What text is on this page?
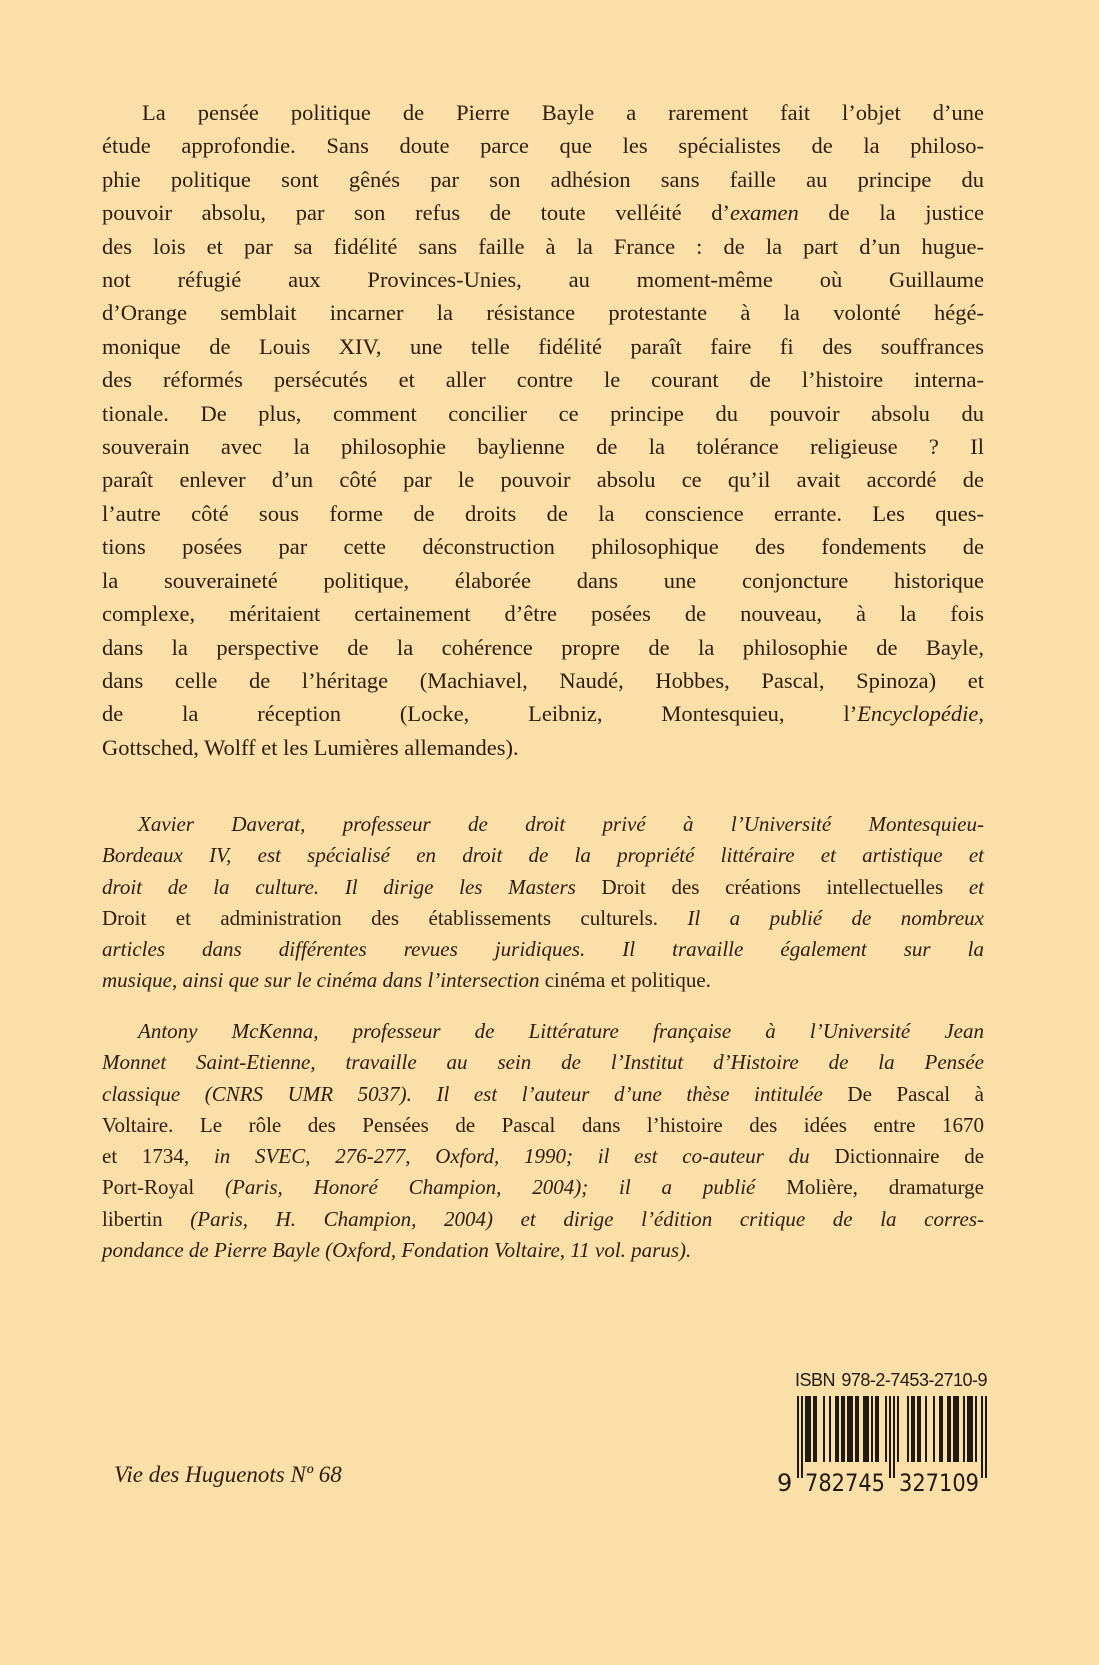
La pensée politique de Pierre Bayle a rarement fait l’objet d’une
étude approfondie. Sans doute parce que les spécialistes de la philoso-
phie politique sont gênés par son adhésion sans faille au principe du
pouvoir absolu, par son refus de toute velléité d’examen de la justice
des lois et par sa fidélité sans faille à la France : de la part d’un hugue-
not réfugié aux Provinces-Unies, au moment-même où Guillaume
d’Orange semblait incarner la résistance protestante à la volonté hégé-
monique de Louis XIV, une telle fidélité paraît faire fi des souffrances
des réformés persécutés et aller contre le courant de l’histoire interna-
tionale. De plus, comment concilier ce principe du pouvoir absolu du
souverain avec la philosophie baylienne de la tolérance religieuse ? Il
paraît enlever d’un côté par le pouvoir absolu ce qu’il avait accordé de
l’autre côté sous forme de droits de la conscience errante. Les ques-
tions posées par cette déconstruction philosophique des fondements de
la souveraineté politique, élaborée dans une conjoncture historique
complexe, méritaient certainement d’être posées de nouveau, à la fois
dans la perspective de la cohérence propre de la philosophie de Bayle,
dans celle de l’héritage (Machiavel, Naudé, Hobbes, Pascal, Spinoza) et
de la réception (Locke, Leibniz, Montesquieu, l’Encyclopédie,
Gottsched, Wolff et les Lumières allemandes).
Xavier Daverat, professeur de droit privé à l’Université Montesquieu-
Bordeaux IV, est spécialisé en droit de la propriété littéraire et artistique et
droit de la culture. Il dirige les Masters Droit des créations intellectuelles et
Droit et administration des établissements culturels. Il a publié de nombreux
articles dans différentes revues juridiques. Il travaille également sur la
musique, ainsi que sur le cinéma dans l’intersection cinéma et politique.
Antony McKenna, professeur de Littérature française à l’Université Jean
Monnet Saint-Etienne, travaille au sein de l’Institut d’Histoire de la Pensée
classique (CNRS UMR 5037). Il est l’auteur d’une thèse intitulée De Pascal à
Voltaire. Le rôle des Pensées de Pascal dans l’histoire des idées entre 1670
et 1734, in SVEC, 276-277, Oxford, 1990; il est co-auteur du Dictionnaire de
Port-Royal (Paris, Honoré Champion, 2004); il a publié Molière, dramaturge
libertin (Paris, H. Champion, 2004) et dirige l’édition critique de la corres-
pondance de Pierre Bayle (Oxford, Fondation Voltaire, 11 vol. parus).
Vie des Huguenots Nº 68
ISBN 978-2-7453-2710-9
9 782745 327109
